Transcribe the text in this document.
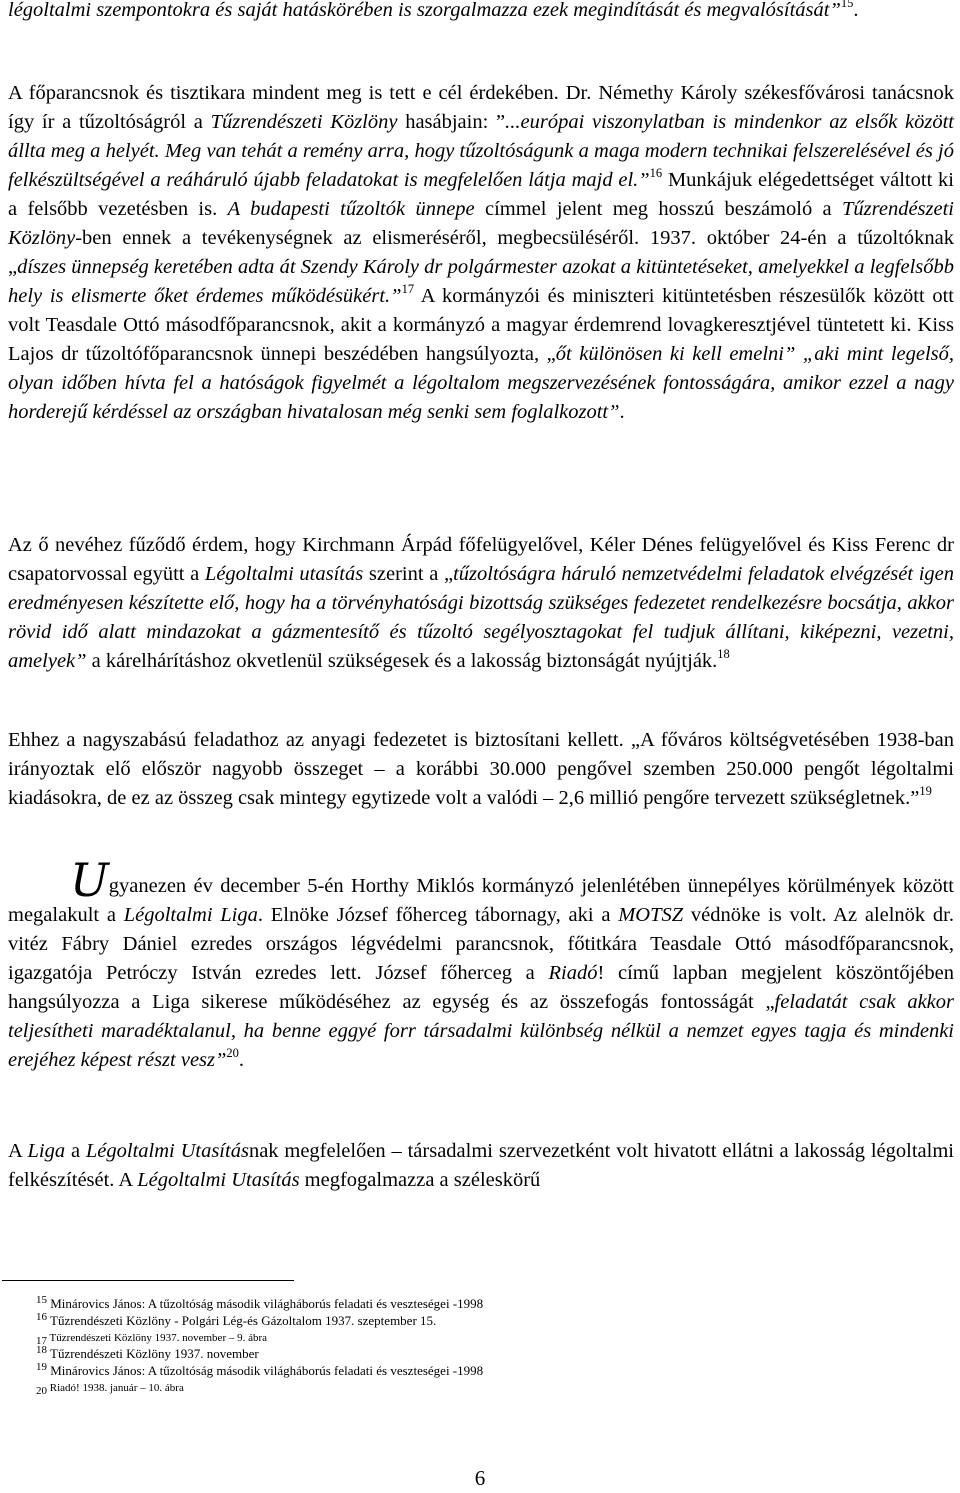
légoltalmi szempontokra és saját hatáskörében is szorgalmazza ezek megindítását és megvalósítását”$^{15}$.

A főparancsnok és tisztikara mindent meg is tett e cél érdekében. Dr. Némethy Károly székesfővárosi tanácsnok így ír a tűzoltóságról a Tűzrendészeti Közlöny hasábjain: ”...európai viszonylatban is mindenkor az elsők között állta meg a helyét. Meg van tehát a remény arra, hogy tűzoltóságunk a maga modern technikai felszerelésével és jó felkészültségével a reáháruló újabb feladatokat is megfelelően látja majd el.”$^{16}$ Munkájuk elégedettséget váltott ki a felsőbb vezetésben is. A budapesti tűzoltók ünnepe címmel jelent meg hosszú beszámoló a Tűzrendészeti Közlöny-ben ennek a tevékenységnek az elismeréséről, megbecsüléséről. 1937. október 24-én a tűzoltóknak „díszes ünnepség keretében adta át Szendy Károly dr polgármester azokat a kitüntetéseket, amelyekkel a legfelsőbb hely is elismerte őket érdemes működésükért.”$^{17}$ A kormányzói és miniszteri kitüntetésben részesülők között ott volt Teasdale Ottó másodfőparancsnok, akit a kormányzó a magyar érdemrend lovagkeresztjével tüntetett ki. Kiss Lajos dr tűzoltófőparancsnok ünnepi beszédében hangsúlyozta, „őt különösen ki kell emelni” „aki mint legelső, olyan időben hívta fel a hatóságok figyelmét a légoltalom megszervezésének fontosságára, amikor ezzel a nagy horderejű kérdéssel az országban hivatalosan még senki sem foglalkozott”.

Az ő nevéhez fűződő érdem, hogy Kirchmann Árpád főfelügyelővel, Kéler Dénes felügyelővel és Kiss Ferenc dr csapatorvossal együtt a Légoltalmi utasítás szerint a „tűzoltóságra háruló nemzetvédelmi feladatok elvégzését igen eredményesen készítette elő, hogy ha a törvényhatósági bizottság szükséges fedezetet rendelkezésre bocsátja, akkor rövid idő alatt mindazokat a gázmentesítő és tűzoltó segélyosztagokat fel tudjuk állítani, kiképezni, vezetni, amelyek” a kárelhárításhoz okvetlenül szükségesek és a lakosság biztonságát nyújtják.$^{18}$

Ehhez a nagyszabású feladathoz az anyagi fedezetet is biztosítani kellett. „A főváros költségvetésében 1938-ban irányoztak elő először nagyobb összeget – a korábbi 30.000 pengővel szemben 250.000 pengőt légoltalmi kiadásokra, de ez az összeg csak mintegy egytizede volt a valódi – 2,6 millió pengőre tervezett szükségletnek.”$^{19}$

Ugyanezen év december 5-én Horthy Miklós kormányzó jelenlétében ünnepélyes körülmények között megalakult a Légoltalmi Liga. Elnöke József főherceg tábornagy, aki a MOTSZ védnöke is volt. Az alelnök dr. vitéz Fábry Dániel ezredes országos légvédelmi parancsnok, főtitkára Teasdale Ottó másodfőparancsnok, igazgatója Petróczy István ezredes lett. József főherceg a Riadó! című lapban megjelent köszöntőjében hangsúlyozza a Liga sikerese működéséhez az egység és az összefogás fontosságát „feladatát csak akkor teljesítheti maradéktalanul, ha benne eggyé forr társadalmi különbség nélkül a nemzet egyes tagja és mindenki erejéhez képest részt vesz”$^{20}$.

A Liga a Légoltalmi Utasításnak megfelelően – társadalmi szervezetként volt hivatott ellátni a lakosság légoltalmi felkészítését. A Légoltalmi Utasítás megfogalmazza a széleskörű

$^{15}$ Minárovics János: A tűzoltóság második világháborús feladati és veszteségei -1998

$^{16}$ Tűzrendészeti Közlöny - Polgári Lég-és Gázoltalom 1937. szeptember 15.

17 Tűzrendészeti Közlöny 1937. november – 9. ábra

$^{18}$ Tűzrendészeti Közlöny 1937. november

$^{19}$ Minárovics János: A tűzoltóság második világháborús feladati és veszteségei -1998

20 Riadó! 1938. január – 10. ábra

6
